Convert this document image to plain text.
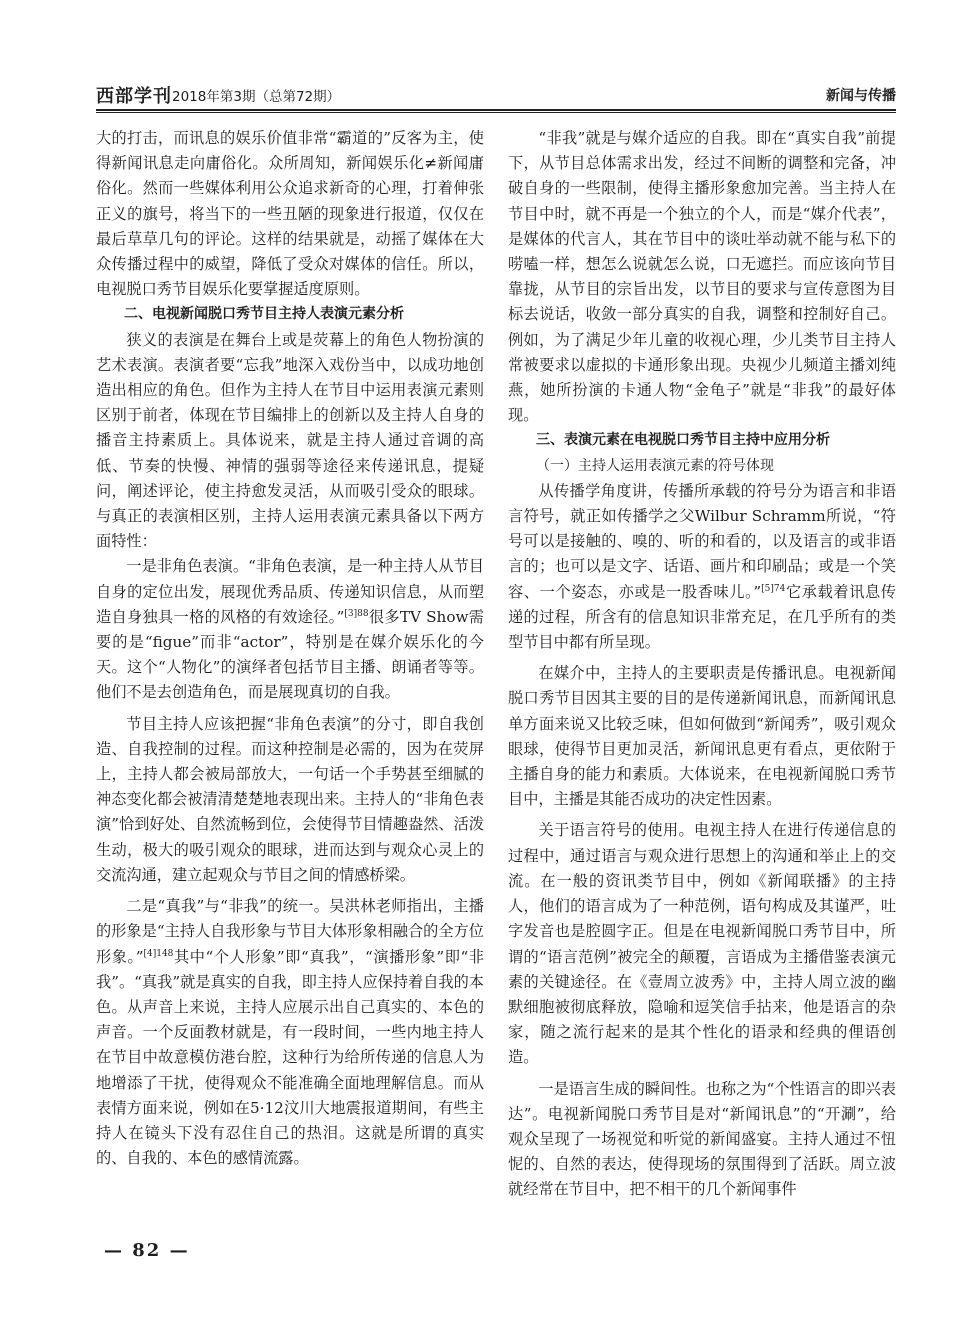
西部学刊 2018年第3期（总第72期）	新闻与传播

大的打击，而讯息的娱乐价值非常“霸道的”反客为主，使得新闻讯息走向庸俗化。众所周知，新闻娱乐化≠新闻庸俗化。然而一些媒体利用公众追求新奇的心理，打着伸张正义的旗号，将当下的一些丑陋的现象进行报道，仅仅在最后草草几句的评论。这样的结果就是，动摇了媒体在大众传播过程中的威望，降低了受众对媒体的信任。所以，电视脱口秀节目娱乐化要掌握适度原则。

二、电视新闻脱口秀节目主持人表演元素分析

狭义的表演是在舞台上或是荧幕上的角色人物扮演的艺术表演。表演者要“忘我”地深入戏份当中，以成功地创造出相应的角色。但作为主持人在节目中运用表演元素则区别于前者，体现在节目编排上的创新以及主持人自身的播音主持素质上。具体说来，就是主持人通过音调的高低、节奏的快慢、神情的强弱等途径来传递讯息，提疑问，阐述评论，使主持愈发灵活，从而吸引受众的眼球。与真正的表演相区别，主持人运用表演元素具备以下两方面特性：

一是非角色表演。“非角色表演，是一种主持人从节目自身的定位出发，展现优秀品质、传递知识信息，从而塑造自身独具一格的风格的有效途径。”$^{[3]88}$很多TV Show需要的是“figue”而非“actor”，特别是在媒介娱乐化的今天。这个“人物化”的演绎者包括节目主播、朗诵者等等。他们不是去创造角色，而是展现真切的自我。

节目主持人应该把握“非角色表演”的分寸，即自我创造、自我控制的过程。而这种控制是必需的，因为在荧屏上，主持人都会被局部放大，一句话一个手势甚至细腻的神态变化都会被清清楚楚地表现出来。主持人的“非角色表演”恰到好处、自然流畅到位，会使得节目情趣盎然、活泼生动，极大的吸引观众的眼球，进而达到与观众心灵上的交流沟通，建立起观众与节目之间的情感桥梁。

二是“真我”与“非我”的统一。吴洪林老师指出，主播的形象是“主持人自我形象与节目大体形象相融合的全方位形象。”$^{[4]148}$其中“个人形象”即“真我”，“演播形象”即“非我”。“真我”就是真实的自我，即主持人应保持着自我的本色。从声音上来说，主持人应展示出自己真实的、本色的声音。一个反面教材就是，有一段时间，一些内地主持人在节目中故意模仿港台腔，这种行为给所传递的信息人为地增添了干扰，使得观众不能准确全面地理解信息。而从表情方面来说，例如在5·12汶川大地震报道期间，有些主持人在镜头下没有忍住自己的热泪。这就是所谓的真实的、自我的、本色的感情流露。

“非我”就是与媒介适应的自我。即在“真实自我”前提下，从节目总体需求出发，经过不间断的调整和完备，冲破自身的一些限制，使得主播形象愈加完善。当主持人在节目中时，就不再是一个独立的个人，而是“媒介代表”，是媒体的代言人，其在节目中的谈吐举动就不能与私下的唠嗑一样，想怎么说就怎么说，口无遮拦。而应该向节目靠拢，从节目的宗旨出发，以节目的要求与宣传意图为目标去说话，收敛一部分真实的自我，调整和控制好自己。例如，为了满足少年儿童的收视心理，少儿类节目主持人常被要求以虚拟的卡通形象出现。央视少儿频道主播刘纯燕，她所扮演的卡通人物“金龟子”就是“非我”的最好体现。

三、表演元素在电视脱口秀节目主持中应用分析
（一）主持人运用表演元素的符号体现

从传播学角度讲，传播所承载的符号分为语言和非语言符号，就正如传播学之父Wilbur Schramm所说，“符号可以是接触的、嗅的、听的和看的，以及语言的或非语言的；也可以是文字、话语、画片和印刷品；或是一个笑容、一个姿态，亦或是一股香味儿。”$^{[5]74}$它承载着讯息传递的过程，所含有的信息知识非常充足，在几乎所有的类型节目中都有所呈现。

在媒介中，主持人的主要职责是传播讯息。电视新闻脱口秀节目因其主要的目的是传递新闻讯息，而新闻讯息单方面来说又比较乏味，但如何做到“新闻秀”，吸引观众眼球，使得节目更加灵活，新闻讯息更有看点，更依附于主播自身的能力和素质。大体说来，在电视新闻脱口秀节目中，主播是其能否成功的决定性因素。

关于语言符号的使用。电视主持人在进行传递信息的过程中，通过语言与观众进行思想上的沟通和举止上的交流。在一般的资讯类节目中，例如《新闻联播》的主持人，他们的语言成为了一种范例，语句构成及其谨严，吐字发音也是腔圆字正。但是在电视新闻脱口秀节目中，所谓的“语言范例”被完全的颠覆，言语成为主播借鉴表演元素的关键途径。在《壹周立波秀》中，主持人周立波的幽默细胞被彻底释放，隐喻和逗笑信手拈来，他是语言的杂家，随之流行起来的是其个性化的语录和经典的俚语创造。

一是语言生成的瞬间性。也称之为“个性语言的即兴表达”。电视新闻脱口秀节目是对“新闻讯息”的“开涮”，给观众呈现了一场视觉和听觉的新闻盛宴。主持人通过不忸怩的、自然的表达，使得现场的氛围得到了活跃。周立波就经常在节目中，把不相干的几个新闻事件

— 82 —
